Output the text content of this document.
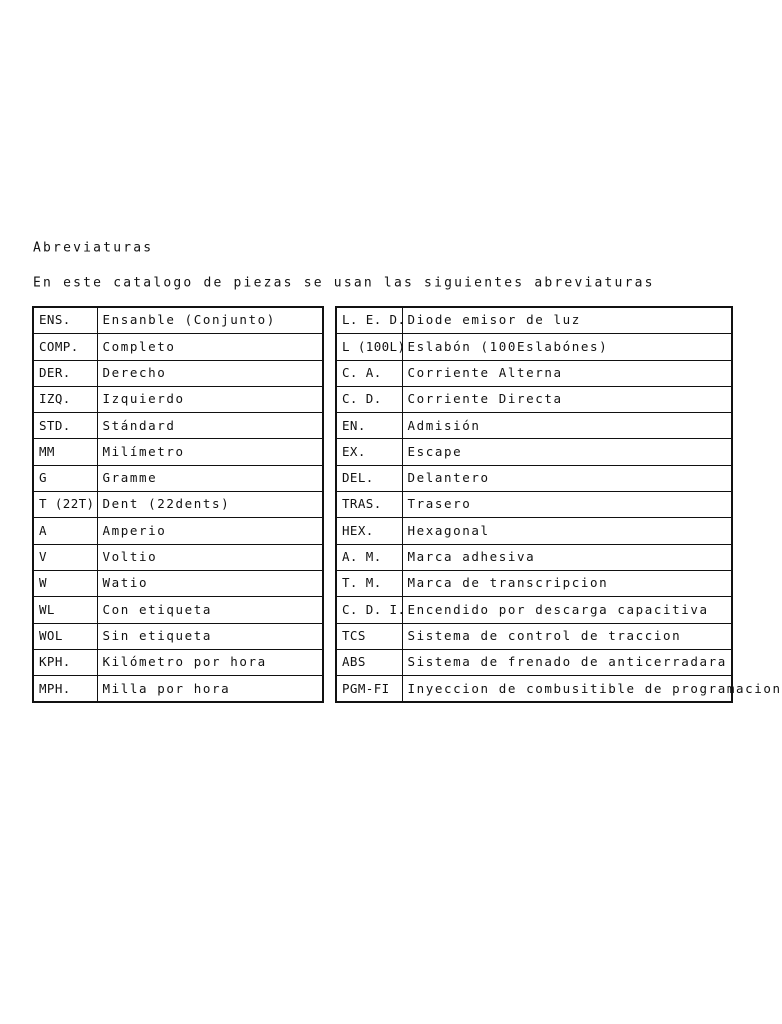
Abreviaturas
En este catalogo de piezas se usan las siguientes abreviaturas
ENS.	Ensanble (Conjunto)
COMP.	Completo
DER.	Derecho
IZQ.	Izquierdo
STD.	Stándard
MM	Milímetro
G	Gramme
T (22T)	Dent (22dents)
A	Amperio
V	Voltio
W	Watio
WL	Con etiqueta
WOL	Sin etiqueta
KPH.	Kilómetro por hora
MPH.	Milla por hora
L. E. D.	Diode emisor de luz
L (100L)	Eslabón (100Eslabónes)
C. A.	Corriente Alterna
C. D.	Corriente Directa
EN.	Admisión
EX.	Escape
DEL.	Delantero
TRAS.	Trasero
HEX.	Hexagonal
A. M.	Marca adhesiva
T. M.	Marca de transcripcion
C. D. I.	Encendido por descarga capacitiva
TCS	Sistema de control de traccion
ABS	Sistema de frenado de anticerradara
PGM-FI	Inyeccion de combusitible de programacion
